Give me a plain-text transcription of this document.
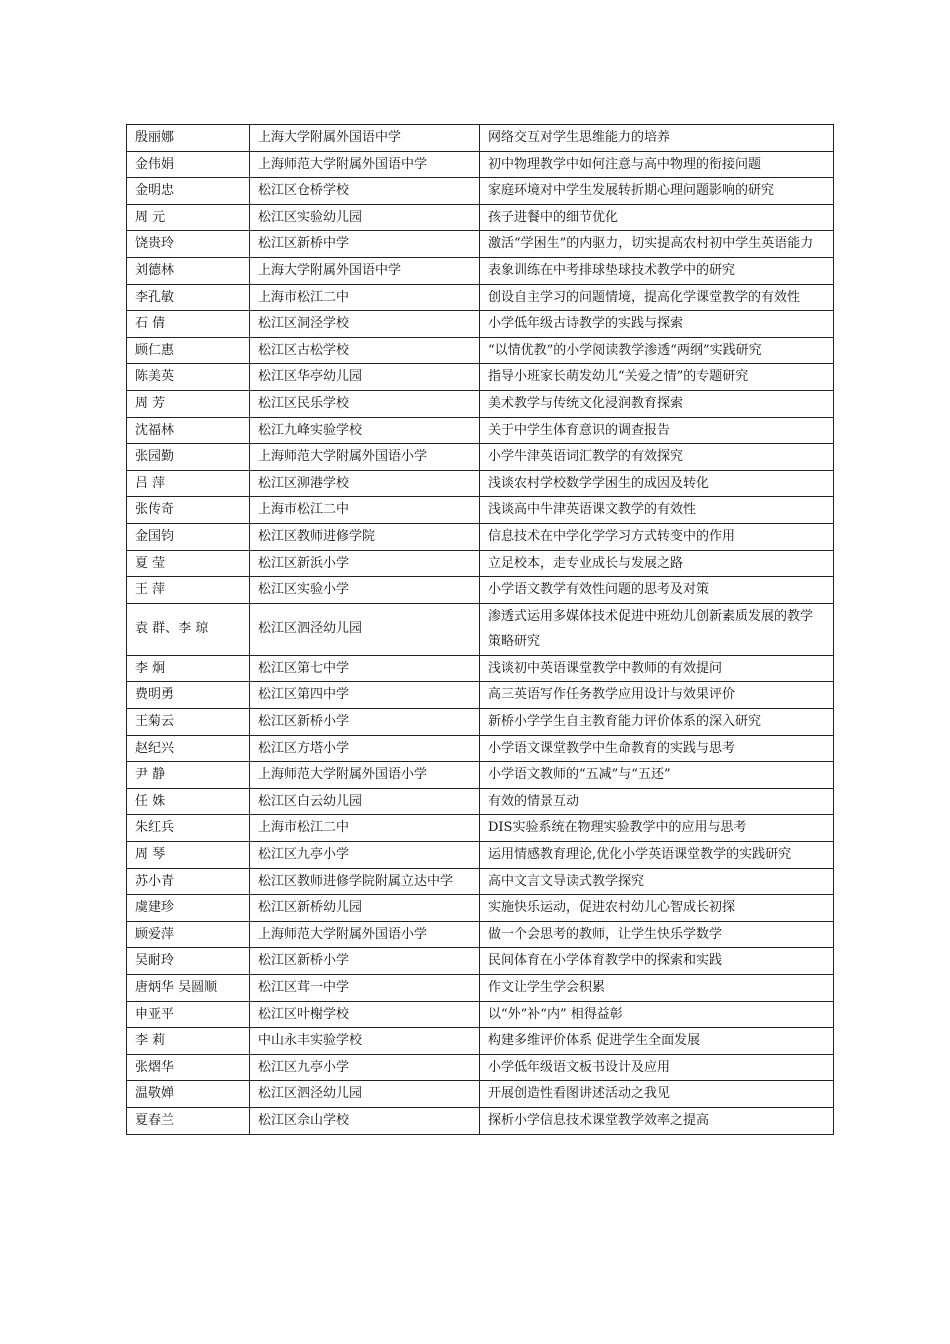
殷丽娜	上海大学附属外国语中学	网络交互对学生思维能力的培养
金伟娟	上海师范大学附属外国语中学	初中物理教学中如何注意与高中物理的衔接问题
金明忠	松江区仓桥学校	家庭环境对中学生发展转折期心理问题影响的研究
周 元	松江区实验幼儿园	孩子进餐中的细节优化
饶贵玲	松江区新桥中学	激活“学困生”的内驱力，切实提高农村初中学生英语能力
刘德林	上海大学附属外国语中学	表象训练在中考排球垫球技术教学中的研究
李孔敏	上海市松江二中	创设自主学习的问题情境，提高化学课堂教学的有效性
石 倩	松江区洞泾学校	小学低年级古诗教学的实践与探索
顾仁惠	松江区古松学校	“以情优教”的小学阅读教学渗透“两纲”实践研究
陈美英	松江区华亭幼儿园	指导小班家长萌发幼儿“关爱之情”的专题研究
周 芳	松江区民乐学校	美术教学与传统文化浸润教育探索
沈福林	松江九峰实验学校	关于中学生体育意识的调查报告
张园勤	上海师范大学附属外国语小学	小学牛津英语词汇教学的有效探究
吕 萍	松江区泖港学校	浅谈农村学校数学学困生的成因及转化
张传奇	上海市松江二中	浅谈高中牛津英语课文教学的有效性
金国钧	松江区教师进修学院	信息技术在中学化学学习方式转变中的作用
夏 莹	松江区新浜小学	立足校本，走专业成长与发展之路
王 萍	松江区实验小学	小学语文教学有效性问题的思考及对策
袁 群、李 琼	松江区泗泾幼儿园	渗透式运用多媒体技术促进中班幼儿创新素质发展的教学策略研究
李 炯	松江区第七中学	浅谈初中英语课堂教学中教师的有效提问
费明勇	松江区第四中学	高三英语写作任务教学应用设计与效果评价
王菊云	松江区新桥小学	新桥小学学生自主教育能力评价体系的深入研究
赵纪兴	松江区方塔小学	小学语文课堂教学中生命教育的实践与思考
尹 静	上海师范大学附属外国语小学	小学语文教师的“五减”与“五还”
任 姝	松江区白云幼儿园	有效的情景互动
朱红兵	上海市松江二中	DIS实验系统在物理实验教学中的应用与思考
周 琴	松江区九亭小学	运用情感教育理论,优化小学英语课堂教学的实践研究
苏小青	松江区教师进修学院附属立达中学	高中文言文导读式教学探究
虞建珍	松江区新桥幼儿园	实施快乐运动，促进农村幼儿心智成长初探
顾爱萍	上海师范大学附属外国语小学	做一个会思考的教师，让学生快乐学数学
吴耐玲	松江区新桥小学	民间体育在小学体育教学中的探索和实践
唐炳华 吴圆顺	松江区茸一中学	作文让学生学会积累
申亚平	松江区叶榭学校	以“外”补“内” 相得益彰
李 莉	中山永丰实验学校	构建多维评价体系 促进学生全面发展
张熠华	松江区九亭小学	小学低年级语文板书设计及应用
温敬婵	松江区泗泾幼儿园	开展创造性看图讲述活动之我见
夏春兰	松江区佘山学校	探析小学信息技术课堂教学效率之提高
